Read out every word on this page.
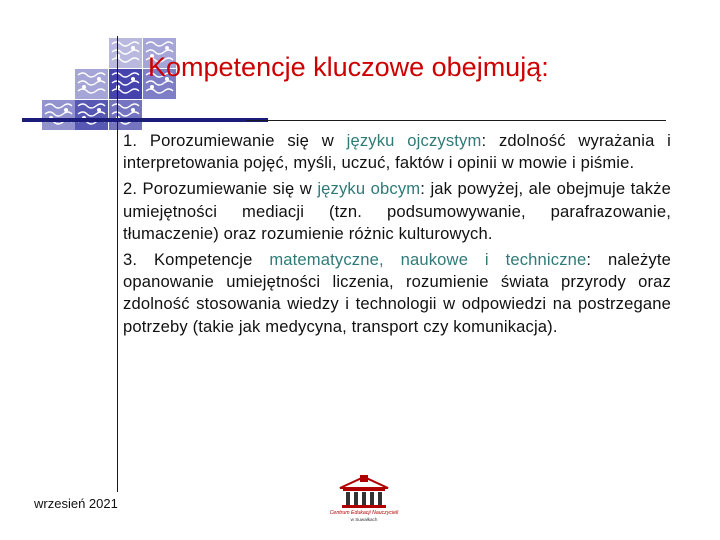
Kompetencje kluczowe obejmują:

1. Porozumiewanie się w języku ojczystym: zdolność wyrażania i interpretowania pojęć, myśli, uczuć, faktów i opinii w mowie i piśmie.

2. Porozumiewanie się w języku obcym: jak powyżej, ale obejmuje także umiejętności mediacji (tzn. podsumowywanie, parafrazowanie, tłumaczenie) oraz rozumienie różnic kulturowych.

3. Kompetencje matematyczne, naukowe i techniczne: należyte opanowanie umiejętności liczenia, rozumienie świata przyrody oraz zdolność stosowania wiedzy i technologii w odpowiedzi na postrzegane potrzeby (takie jak medycyna, transport czy komunikacja).

wrzesień 2021
Centrum Edukacji Nauczycieli
w Suwałkach
